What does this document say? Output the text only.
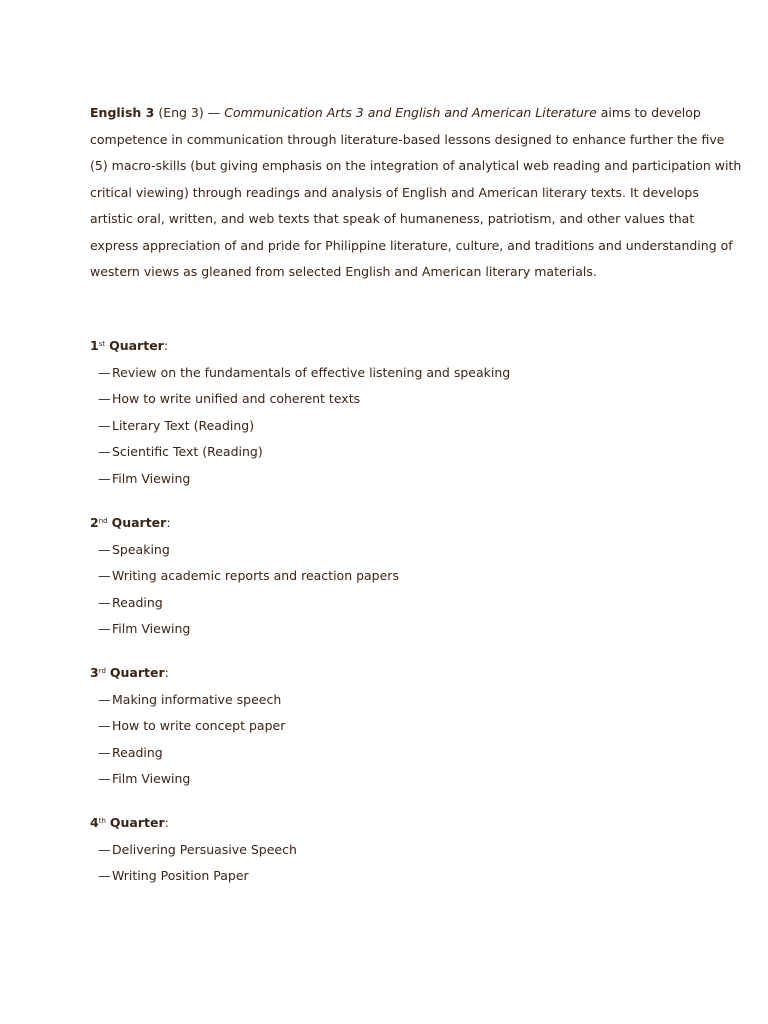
English 3 (Eng 3) — Communication Arts 3 and English and American Literature aims to develop
competence in communication through literature-based lessons designed to enhance further the five
(5) macro-skills (but giving emphasis on the integration of analytical web reading and participation with
critical viewing) through readings and analysis of English and American literary texts. It develops
artistic oral, written, and web texts that speak of humaneness, patriotism, and other values that
express appreciation of and pride for Philippine literature, culture, and traditions and understanding of
western views as gleaned from selected English and American literary materials.
1st Quarter:
— Review on the fundamentals of effective listening and speaking
— How to write unified and coherent texts
— Literary Text (Reading)
— Scientific Text (Reading)
— Film Viewing
2nd Quarter:
— Speaking
— Writing academic reports and reaction papers
— Reading
— Film Viewing
3rd Quarter:
— Making informative speech
— How to write concept paper
— Reading
— Film Viewing
4th Quarter:
— Delivering Persuasive Speech
— Writing Position Paper
